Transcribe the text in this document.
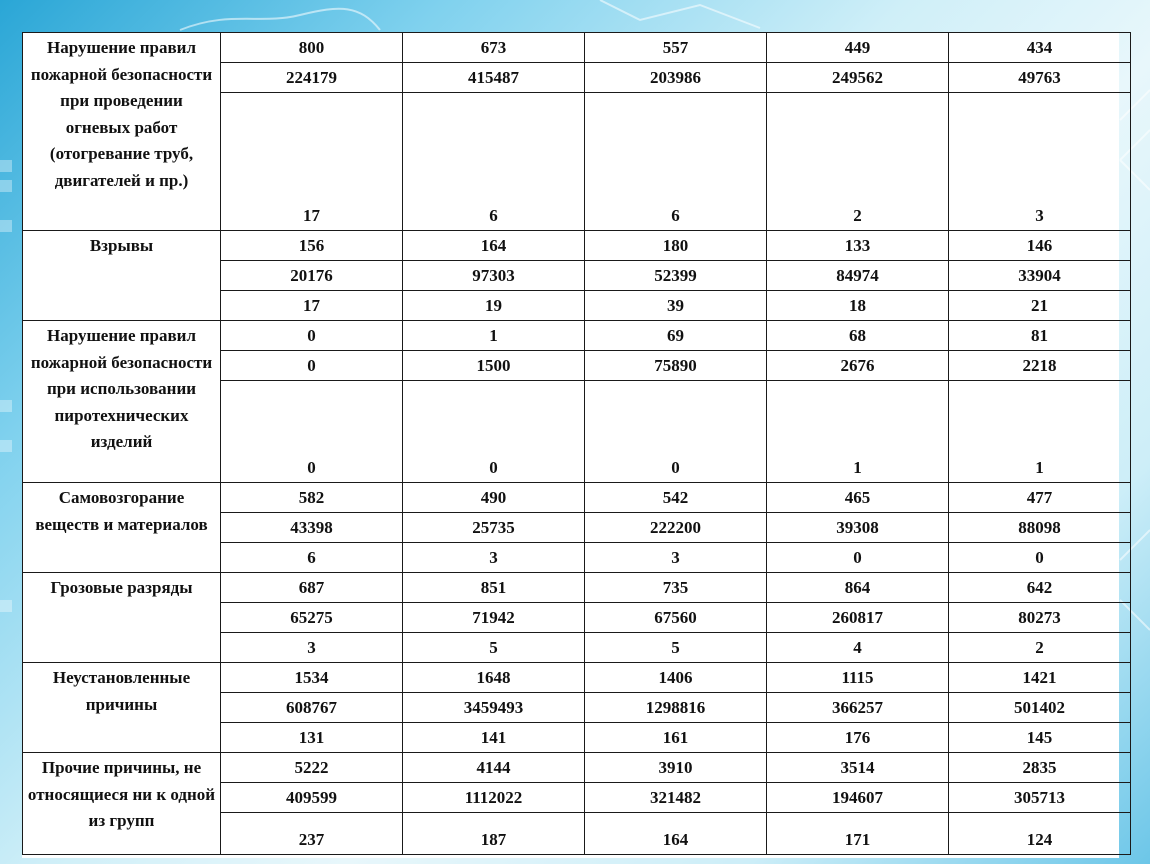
Нарушение правил пожарной безопасности при проведении огневых работ (отогревание труб, двигателей и пр.)	800	673	557	449	434
	224179	415487	203986	249562	49763
	17	6	6	2	3
Взрывы	156	164	180	133	146
	20176	97303	52399	84974	33904
	17	19	39	18	21
Нарушение правил пожарной безопасности при использовании пиротехнических изделий	0	1	69	68	81
	0	1500	75890	2676	2218
	0	0	0	1	1
Самовозгорание веществ и материалов	582	490	542	465	477
	43398	25735	222200	39308	88098
	6	3	3	0	0
Грозовые разряды	687	851	735	864	642
	65275	71942	67560	260817	80273
	3	5	5	4	2
Неустановленные причины	1534	1648	1406	1115	1421
	608767	3459493	1298816	366257	501402
	131	141	161	176	145
Прочие причины, не относящиеся ни к одной из групп	5222	4144	3910	3514	2835
	409599	1112022	321482	194607	305713
	237	187	164	171	124
